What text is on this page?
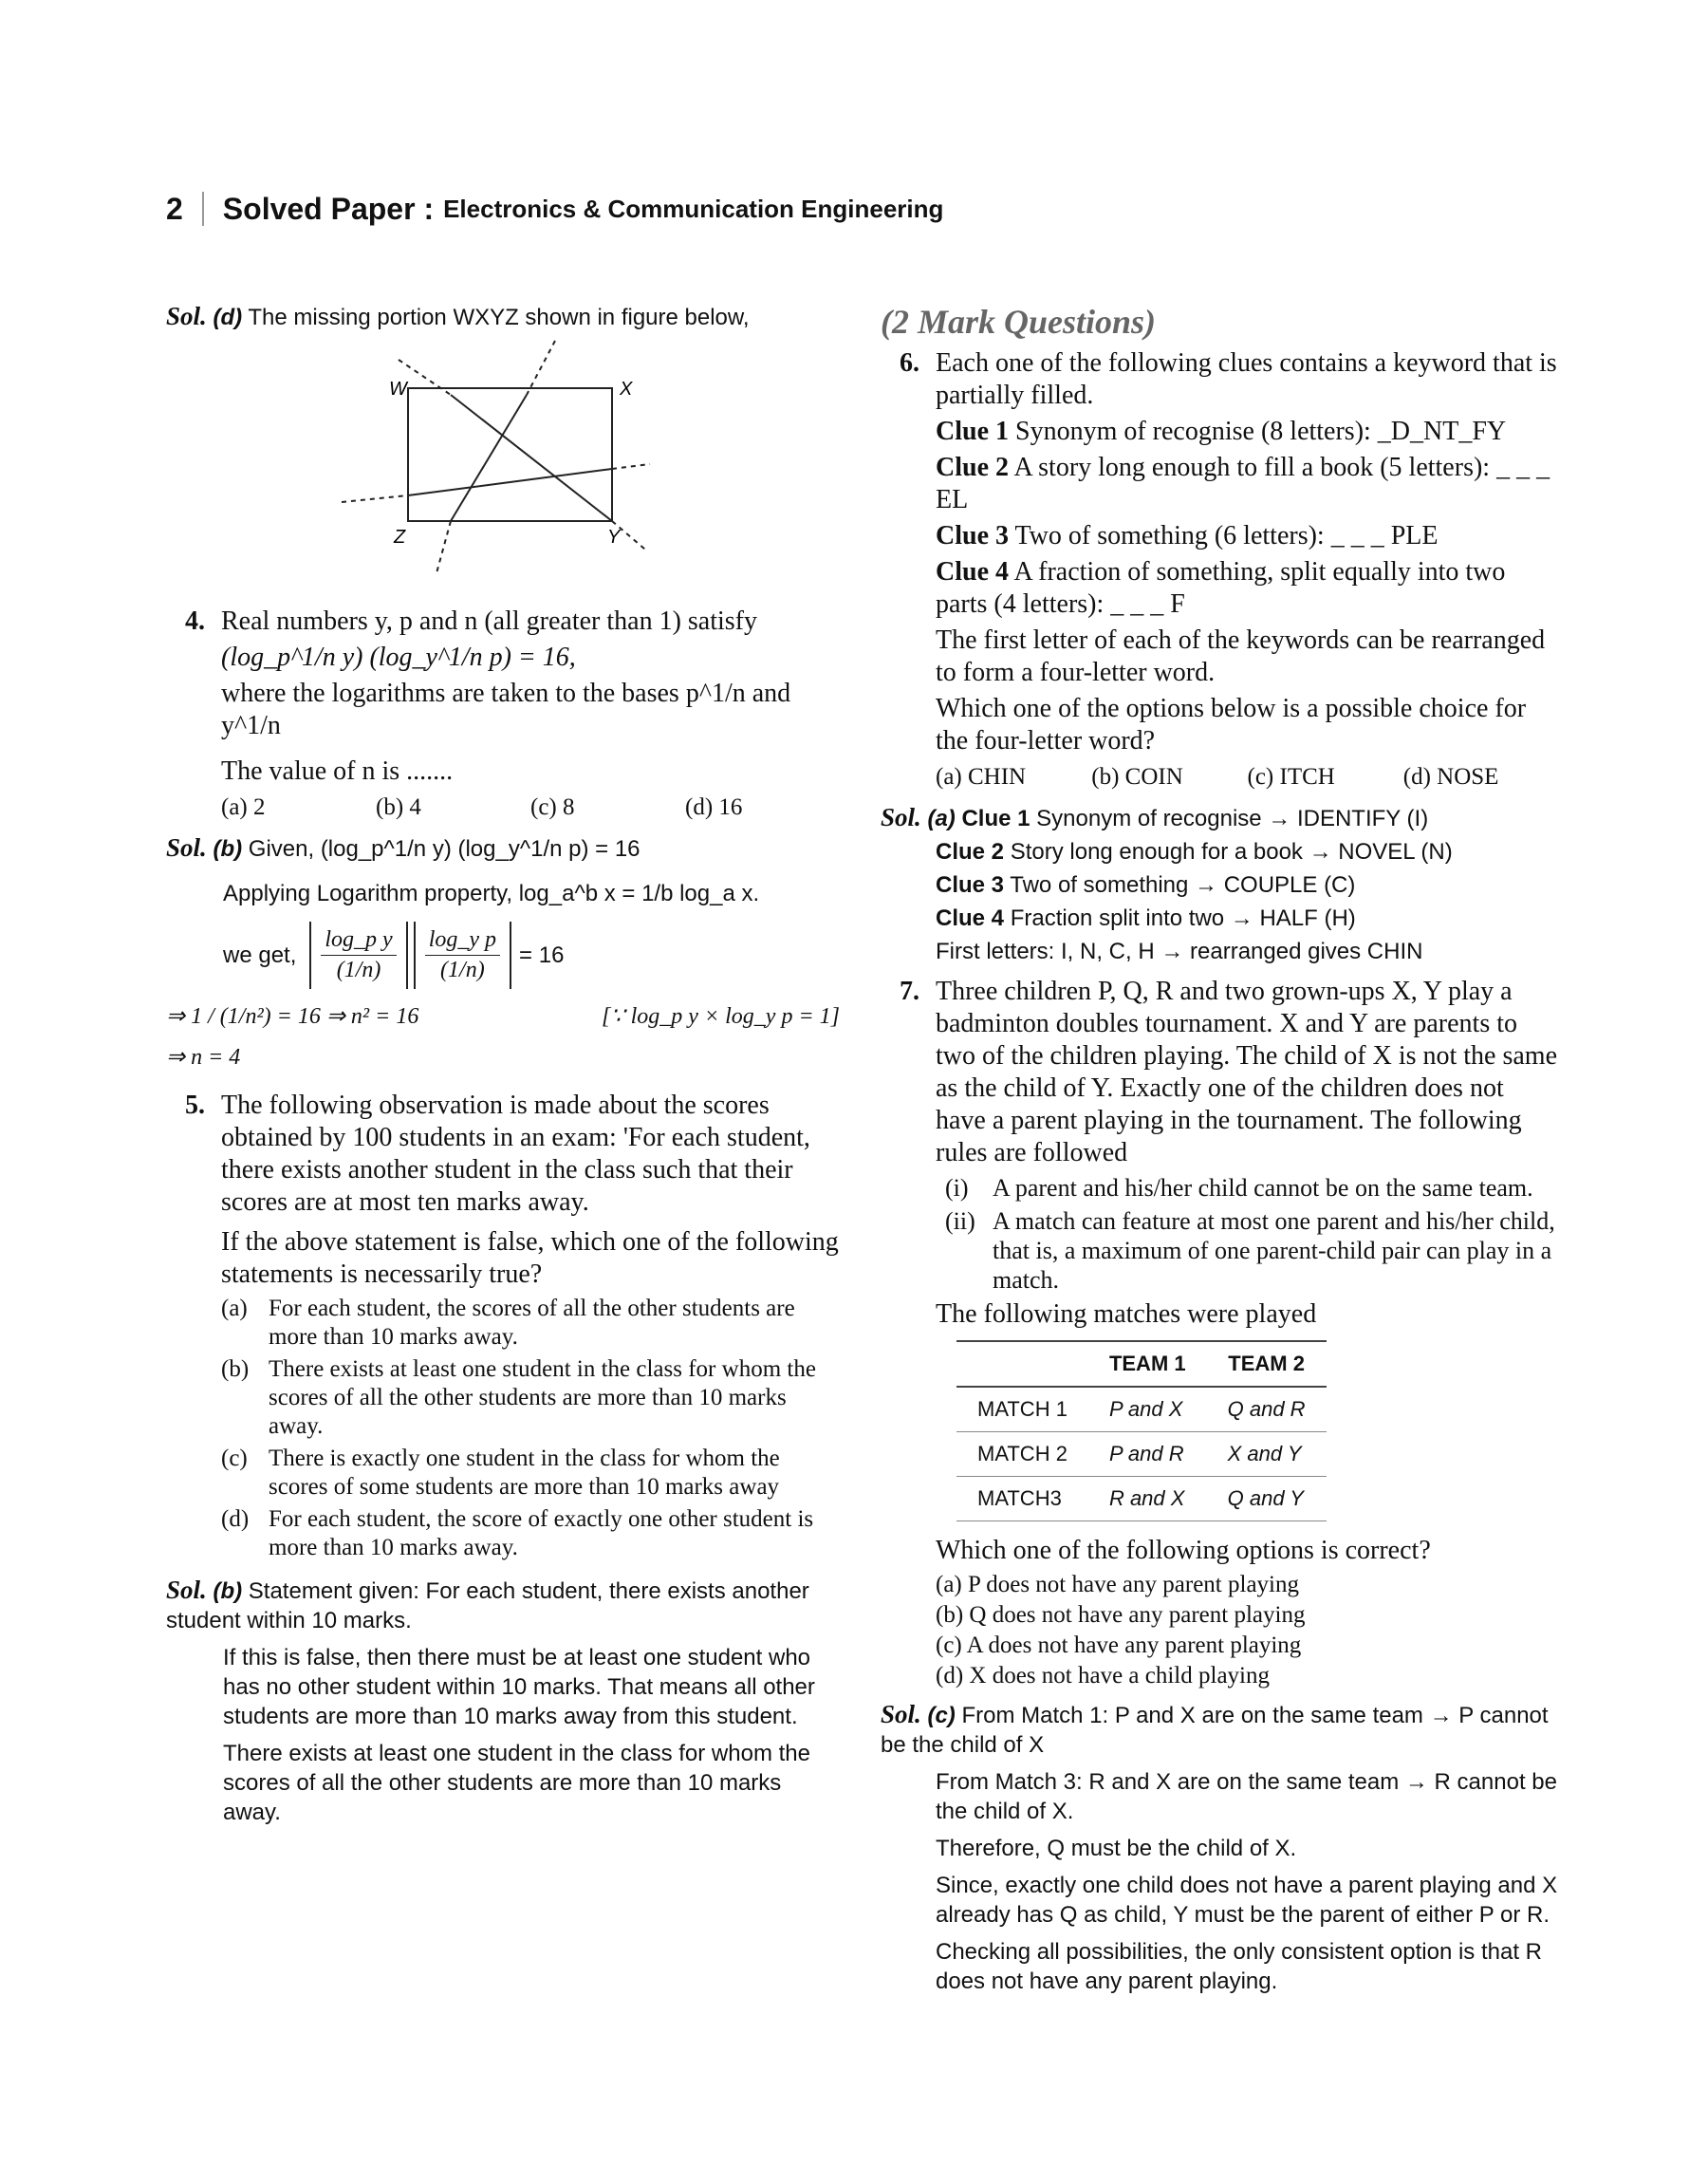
2 Solved Paper : Electronics & Communication Engineering
Sol. (d) The missing portion WXYZ shown in figure below,
W	X
Y
Z
4. Real numbers y, p and n (all greater than 1) satisfy

(log_p^1/n y) (log_y^1/n p) = 16,

where the logarithms are taken to the bases p^1/n and y^1/n

The value of n is .......

(a) 2	(b) 4	(c) 8	(d) 16
Sol. (b) Given, (log_p^1/n y) (log_y^1/n p) = 16

Applying Logarithm property, log_a^b x = 1/b log_a x.

we get, $\frac{\text{log\_p y}}{(1/n)} \frac{\text{log\_y p}}{(1/n)} = 16$
⇒ 1 / (1/n²) = 16 ⇒ n² = 16	[∵ log_p y × log_y p = 1]

⇒ n = 4

5. The following observation is made about the scores obtained by 100 students in an exam: 'For each student, there exists another student in the class such that their scores are at most ten marks away.

If the above statement is false, which one of the following statements is necessarily true?

(a) For each student, the scores of all the other students are more than 10 marks away.
(b) There exists at least one student in the class for whom the scores of all the other students are more than 10 marks away.
(c) There is exactly one student in the class for whom the scores of some students are more than 10 marks away
(d) For each student, the score of exactly one other student is more than 10 marks away.
Sol. (b) Statement given: For each student, there exists another student within 10 marks.

If this is false, then there must be at least one student who has no other student within 10 marks. That means all other students are more than 10 marks away from this student.

There exists at least one student in the class for whom the scores of all the other students are more than 10 marks away.

(2 Mark Questions)
6. Each one of the following clues contains a keyword that is partially filled.

Clue 1 Synonym of recognise (8 letters): _D_NT_FY

Clue 2 A story long enough to fill a book (5 letters): _ _ _ EL

Clue 3 Two of something (6 letters): _ _ _ PLE

Clue 4 A fraction of something, split equally into two parts (4 letters): _ _ _ F

The first letter of each of the keywords can be rearranged to form a four-letter word.

Which one of the options below is a possible choice for the four-letter word?

(a) CHIN	(b) COIN	(c) ITCH	(d) NOSE
Sol. (a) Clue 1 Synonym of recognise → IDENTIFY (I)

Clue 2 Story long enough for a book → NOVEL (N)

Clue 3 Two of something → COUPLE (C)

Clue 4 Fraction split into two → HALF (H)

First letters: I, N, C, H → rearranged gives CHIN

7. Three children P, Q, R and two grown-ups X, Y play a badminton doubles tournament. X and Y are parents to two of the children playing. The child of X is not the same as the child of Y. Exactly one of the children does not have a parent playing in the tournament. The following rules are followed

(i) A parent and his/her child cannot be on the same team.
(ii) A match can feature at most one parent and his/her child, that is, a maximum of one parent-child pair can play in a match.

The following matches were played

	TEAM 1	TEAM 2
MATCH 1	P and X	Q and R
MATCH 2	P and R	X and Y
MATCH3	R and X	Q and Y

Which one of the following options is correct?

(a) P does not have any parent playing
(b) Q does not have any parent playing
(c) A does not have any parent playing
(d) X does not have a child playing
Sol. (c) From Match 1: P and X are on the same team → P cannot be the child of X

From Match 3: R and X are on the same team → R cannot be the child of X.

Therefore, Q must be the child of X.

Since, exactly one child does not have a parent playing and X already has Q as child, Y must be the parent of either P or R.

Checking all possibilities, the only consistent option is that R does not have any parent playing.
